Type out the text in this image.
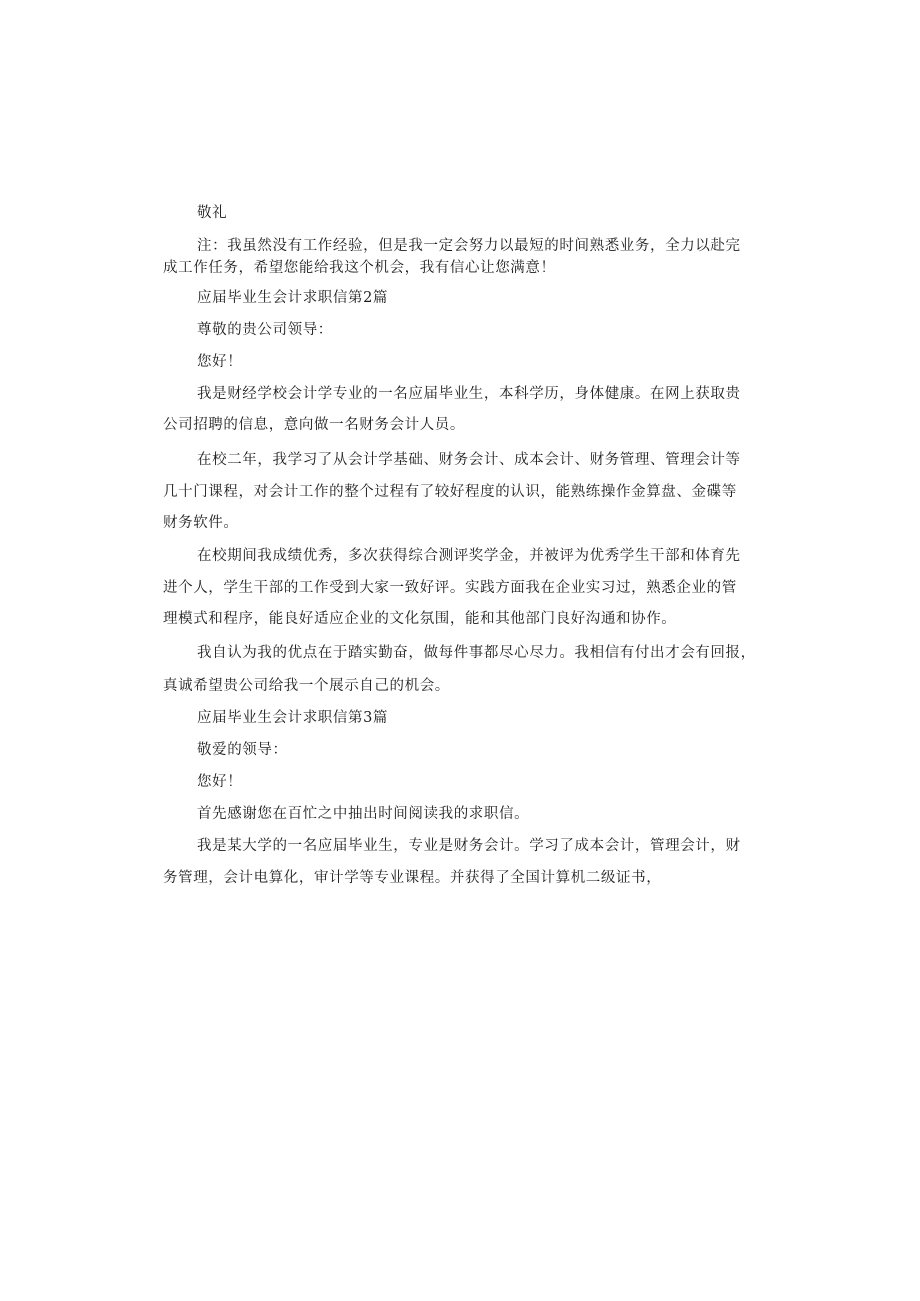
敬礼
注：我虽然没有工作经验，但是我一定会努力以最短的时间熟悉业务，全力以赴完
成工作任务，希望您能给我这个机会，我有信心让您满意！
应届毕业生会计求职信第2篇
尊敬的贵公司领导：
您好！
我是财经学校会计学专业的一名应届毕业生，本科学历，身体健康。在网上获取贵
公司招聘的信息，意向做一名财务会计人员。
在校二年，我学习了从会计学基础、财务会计、成本会计、财务管理、管理会计等
几十门课程，对会计工作的整个过程有了较好程度的认识，能熟练操作金算盘、金碟等
财务软件。
在校期间我成绩优秀，多次获得综合测评奖学金，并被评为优秀学生干部和体育先
进个人，学生干部的工作受到大家一致好评。实践方面我在企业实习过，熟悉企业的管
理模式和程序，能良好适应企业的文化氛围，能和其他部门良好沟通和协作。
我自认为我的优点在于踏实勤奋，做每件事都尽心尽力。我相信有付出才会有回报，
真诚希望贵公司给我一个展示自己的机会。
应届毕业生会计求职信第3篇
敬爱的领导：
您好！
首先感谢您在百忙之中抽出时间阅读我的求职信。
我是某大学的一名应届毕业生，专业是财务会计。学习了成本会计，管理会计，财
务管理，会计电算化，审计学等专业课程。并获得了全国计算机二级证书，
